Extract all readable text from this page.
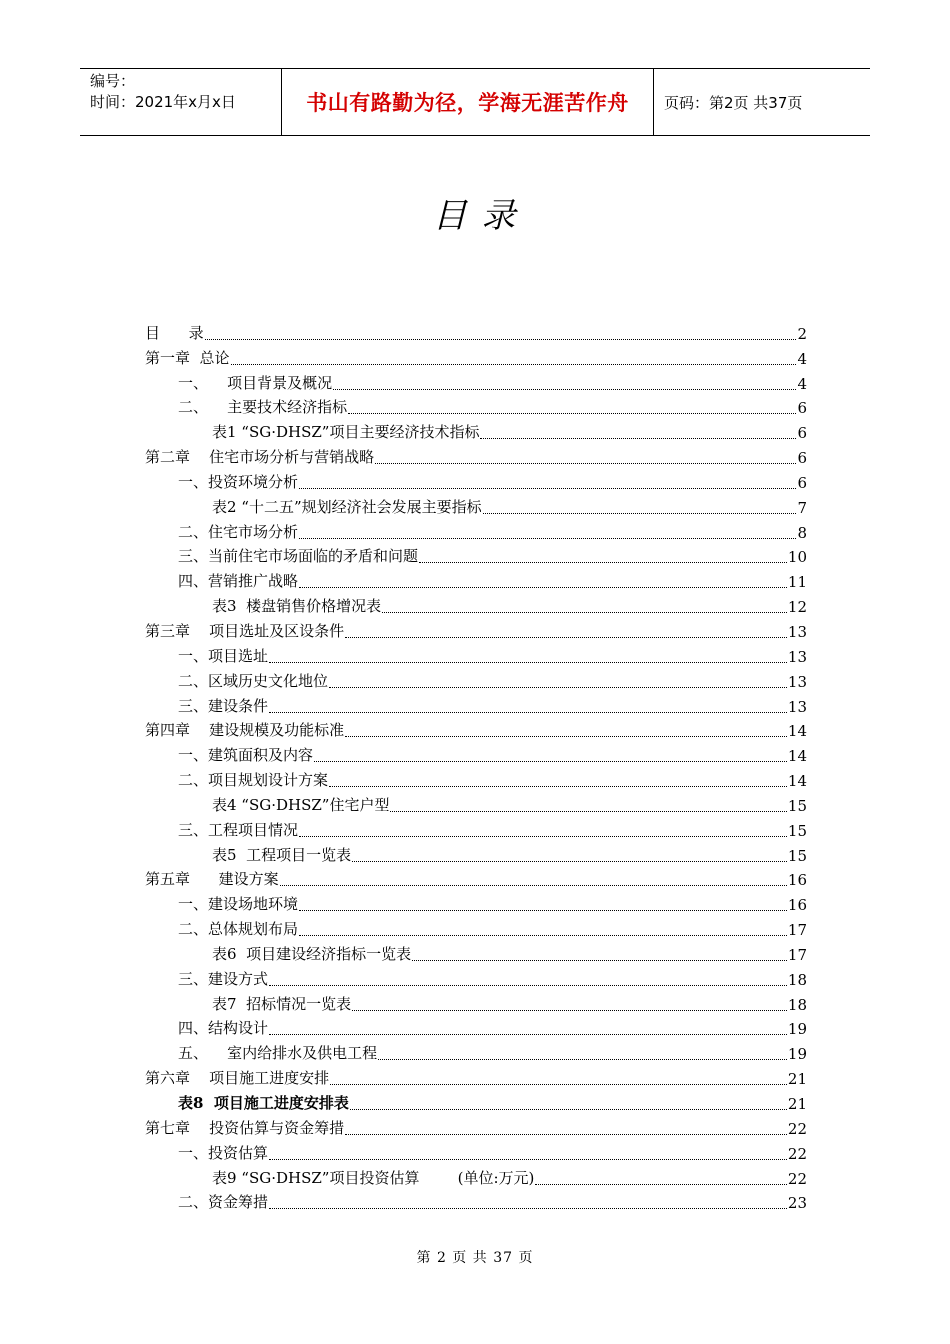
编号：
时间：2021年x月x日	书山有路勤为径，学海无涯苦作舟	页码：第2页 共37页
目 录
目      录	2
第一章  总论	4
一、    项目背景及概况	4
二、    主要技术经济指标	6
表1 “SG·DHSZ”项目主要经济技术指标	6
第二章    住宅市场分析与营销战略	6
一、投资环境分析	6
表2 “十二五”规划经济社会发展主要指标	7
二、住宅市场分析	8
三、当前住宅市场面临的矛盾和问题	10
四、营销推广战略	11
表3  楼盘销售价格增况表	12
第三章    项目选址及区设条件	13
一、项目选址	13
二、区域历史文化地位	13
三、建设条件	13
第四章    建设规模及功能标准	14
一、建筑面积及内容	14
二、项目规划设计方案	14
表4 “SG·DHSZ”住宅户型	15
三、工程项目情况	15
表5  工程项目一览表	15
第五章      建设方案	16
一、建设场地环境	16
二、总体规划布局	17
表6  项目建设经济指标一览表	17
三、建设方式	18
表7  招标情况一览表	18
四、结构设计	19
五、    室内给排水及供电工程	19
第六章    项目施工进度安排	21
表8  项目施工进度安排表	21
第七章    投资估算与资金筹措	22
一、投资估算	22
表9 “SG·DHSZ”项目投资估算        (单位:万元)	22
二、资金筹措	23
第 2 页 共 37 页
